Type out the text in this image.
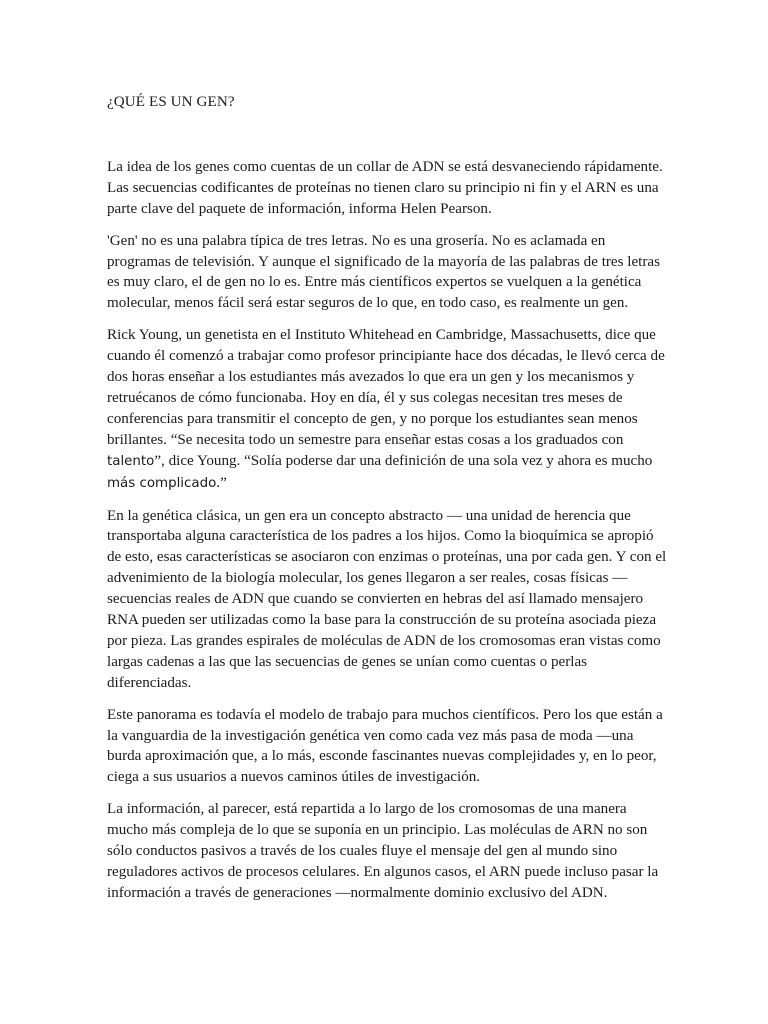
¿QUÉ ES UN GEN?

La idea de los genes como cuentas de un collar de ADN se está desvaneciendo rápidamente. Las secuencias codificantes de proteínas no tienen claro su principio ni fin y el ARN es una parte clave del paquete de información, informa Helen Pearson.

'Gen' no es una palabra típica de tres letras. No es una grosería. No es aclamada en programas de televisión. Y aunque el significado de la mayoría de las palabras de tres letras es muy claro, el de gen no lo es. Entre más científicos expertos se vuelquen a la genética molecular, menos fácil será estar seguros de lo que, en todo caso, es realmente un gen.

Rick Young, un genetista en el Instituto Whitehead en Cambridge, Massachusetts, dice que cuando él comenzó a trabajar como profesor principiante hace dos décadas, le llevó cerca de dos horas enseñar a los estudiantes más avezados lo que era un gen y los mecanismos y retruécanos de cómo funcionaba. Hoy en día, él y sus colegas necesitan tres meses de conferencias para transmitir el concepto de gen, y no porque los estudiantes sean menos brillantes. “Se necesita todo un semestre para enseñar estas cosas a los graduados con talento”, dice Young. “Solía poderse dar una definición de una sola vez y ahora es mucho más complicado.”

En la genética clásica, un gen era un concepto abstracto — una unidad de herencia que transportaba alguna característica de los padres a los hijos. Como la bioquímica se apropió de esto, esas características se asociaron con enzimas o proteínas, una por cada gen. Y con el advenimiento de la biología molecular, los genes llegaron a ser reales, cosas físicas —secuencias reales de ADN que cuando se convierten en hebras del así llamado mensajero RNA pueden ser utilizadas como la base para la construcción de su proteína asociada pieza por pieza. Las grandes espirales de moléculas de ADN de los cromosomas eran vistas como largas cadenas a las que las secuencias de genes se unían como cuentas o perlas diferenciadas.

Este panorama es todavía el modelo de trabajo para muchos científicos. Pero los que están a la vanguardia de la investigación genética ven como cada vez más pasa de moda —una burda aproximación que, a lo más, esconde fascinantes nuevas complejidades y, en lo peor, ciega a sus usuarios a nuevos caminos útiles de investigación.

La información, al parecer, está repartida a lo largo de los cromosomas de una manera mucho más compleja de lo que se suponía en un principio. Las moléculas de ARN no son sólo conductos pasivos a través de los cuales fluye el mensaje del gen al mundo sino reguladores activos de procesos celulares. En algunos casos, el ARN puede incluso pasar la información a través de generaciones —normalmente dominio exclusivo del ADN.
